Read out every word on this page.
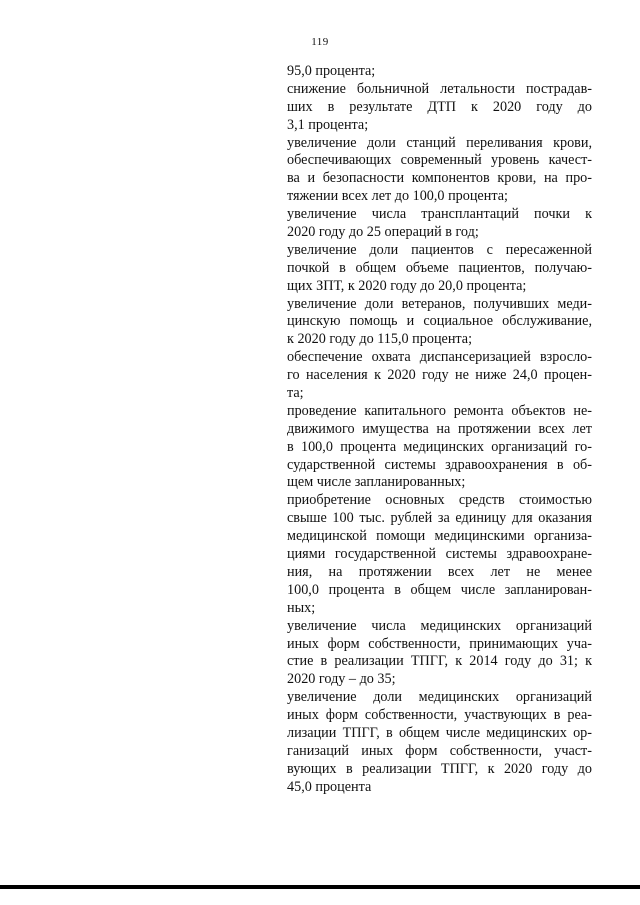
119
95,0 процента;
снижение больничной летальности пострадав-
ших в результате ДТП к 2020 году до
3,1 процента;
увеличение доли станций переливания крови,
обеспечивающих современный уровень качест-
ва и безопасности компонентов крови, на про-
тяжении всех лет до 100,0 процента;
увеличение числа трансплантаций почки к
2020 году до 25 операций в год;
увеличение доли пациентов с пересаженной
почкой в общем объеме пациентов, получаю-
щих ЗПТ, к 2020 году до 20,0 процента;
увеличение доли ветеранов, получивших меди-
цинскую помощь и социальное обслуживание,
к 2020 году до 115,0 процента;
обеспечение охвата диспансеризацией взросло-
го населения к 2020 году не ниже 24,0 процен-
та;
проведение капитального ремонта объектов не-
движимого имущества на протяжении всех лет
в 100,0 процента медицинских организаций го-
сударственной системы здравоохранения в об-
щем числе запланированных;
приобретение основных средств стоимостью
свыше 100 тыс. рублей за единицу для оказания
медицинской помощи медицинскими организа-
циями государственной системы здравоохране-
ния, на протяжении всех лет не менее
100,0 процента в общем числе запланирован-
ных;
увеличение числа медицинских организаций
иных форм собственности, принимающих уча-
стие в реализации ТПГГ, к 2014 году до 31; к
2020 году – до 35;
увеличение доли медицинских организаций
иных форм собственности, участвующих в реа-
лизации ТПГГ, в общем числе медицинских ор-
ганизаций иных форм собственности, участ-
вующих в реализации ТПГГ, к 2020 году до
45,0 процента
